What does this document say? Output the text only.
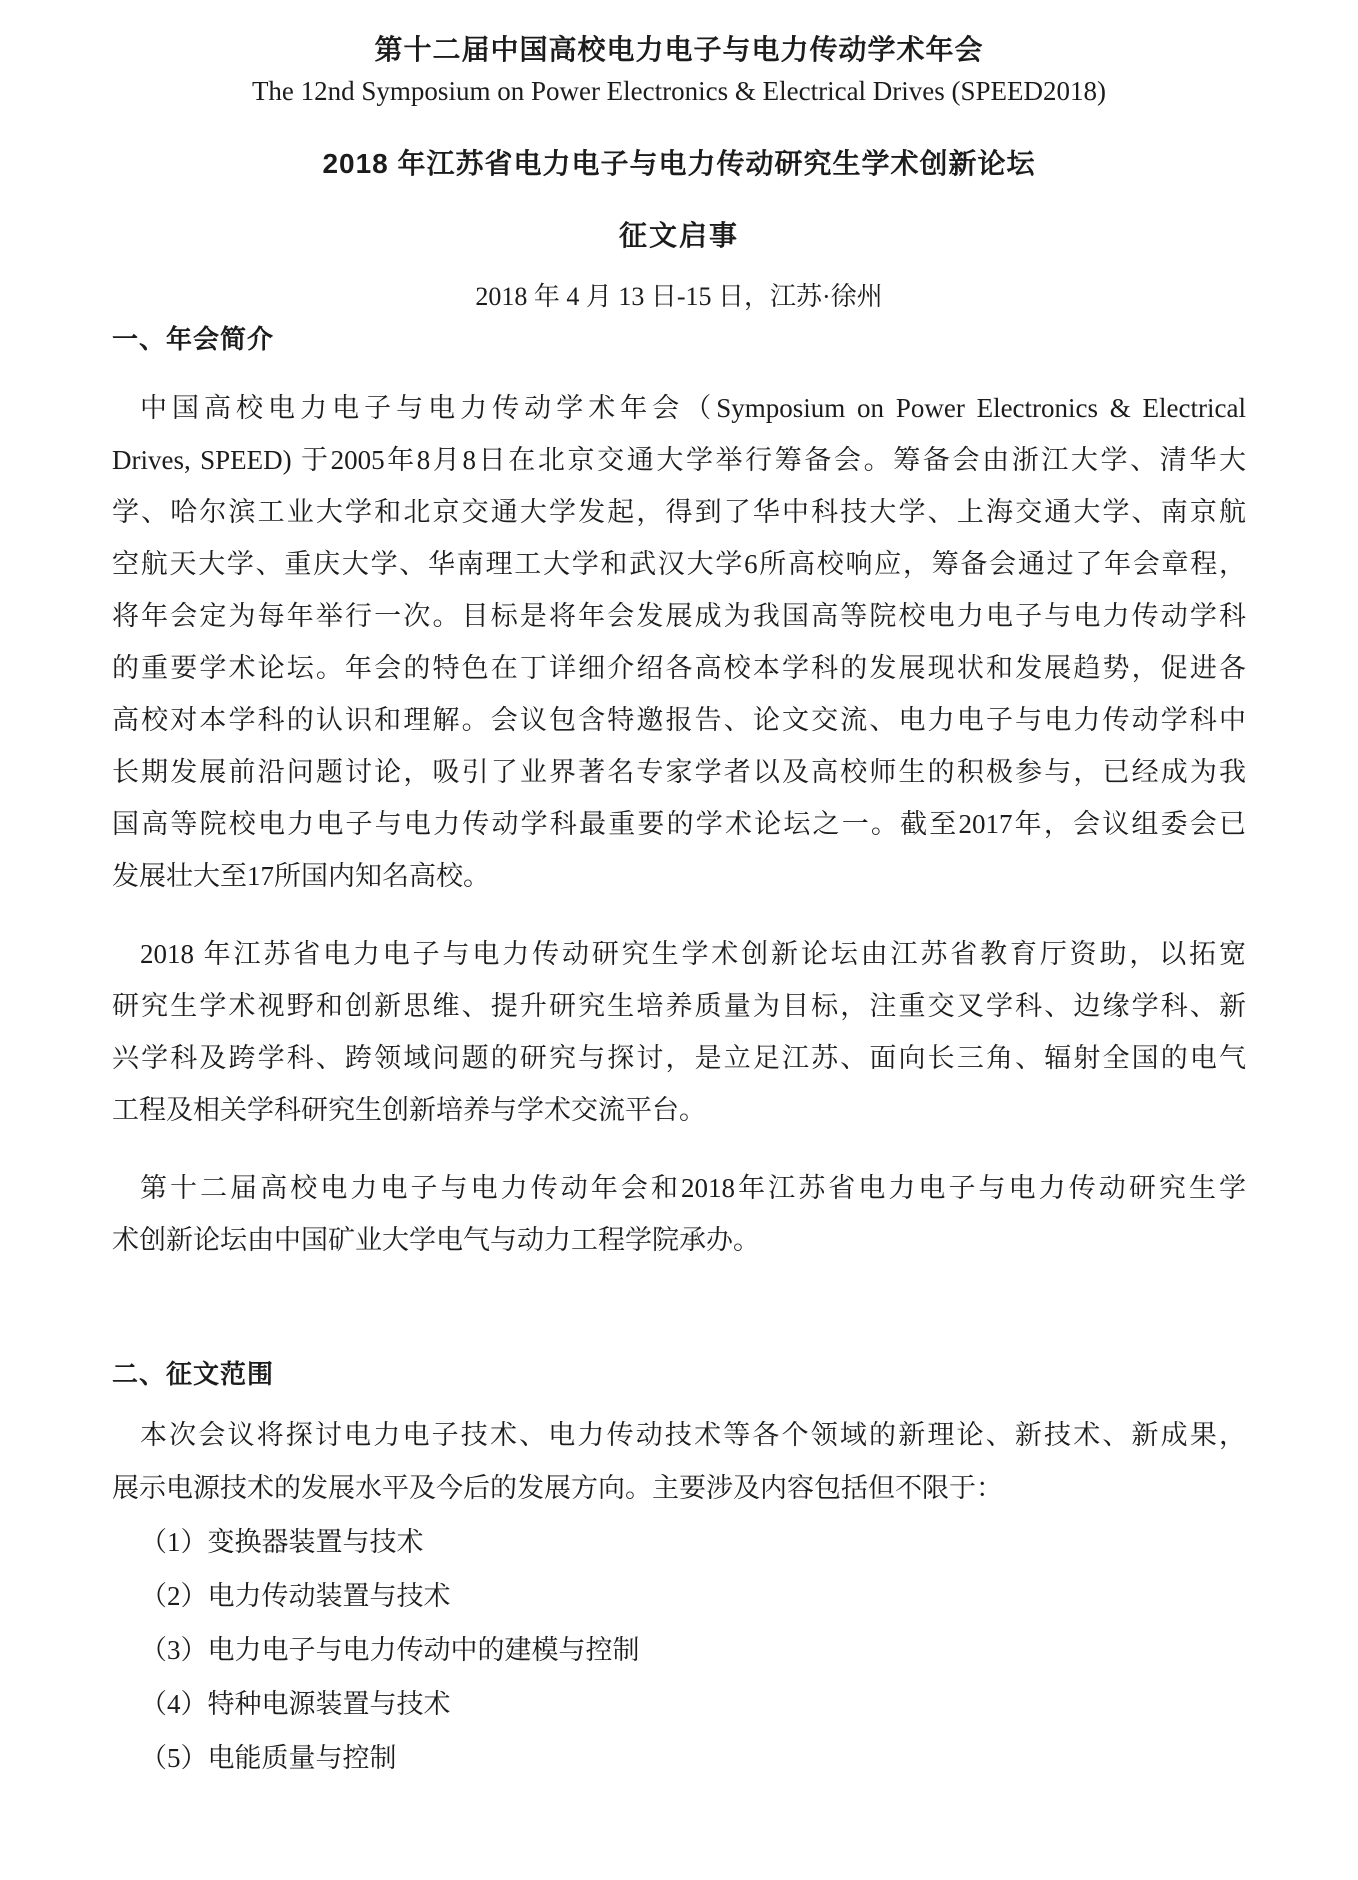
第十二届中国高校电力电子与电力传动学术年会
The 12nd Symposium on Power Electronics & Electrical Drives (SPEED2018)
2018 年江苏省电力电子与电力传动研究生学术创新论坛
征文启事
2018 年 4 月 13 日-15 日，江苏·徐州
一、年会简介
中国高校电力电子与电力传动学术年会（Symposium on Power Electronics & Electrical
Drives, SPEED) 于2005年8月8日在北京交通大学举行筹备会。筹备会由浙江大学、清华大
学、哈尔滨工业大学和北京交通大学发起，得到了华中科技大学、上海交通大学、南京航
空航天大学、重庆大学、华南理工大学和武汉大学6所高校响应，筹备会通过了年会章程，
将年会定为每年举行一次。目标是将年会发展成为我国高等院校电力电子与电力传动学科
的重要学术论坛。年会的特色在丁详细介绍各高校本学科的发展现状和发展趋势，促进各
高校对本学科的认识和理解。会议包含特邀报告、论文交流、电力电子与电力传动学科中
长期发展前沿问题讨论，吸引了业界著名专家学者以及高校师生的积极参与，已经成为我
国高等院校电力电子与电力传动学科最重要的学术论坛之一。截至2017年，会议组委会已
发展壮大至17所国内知名高校。
2018 年江苏省电力电子与电力传动研究生学术创新论坛由江苏省教育厅资助，以拓宽
研究生学术视野和创新思维、提升研究生培养质量为目标，注重交叉学科、边缘学科、新
兴学科及跨学科、跨领域问题的研究与探讨，是立足江苏、面向长三角、辐射全国的电气
工程及相关学科研究生创新培养与学术交流平台。
第十二届高校电力电子与电力传动年会和2018年江苏省电力电子与电力传动研究生学
术创新论坛由中国矿业大学电气与动力工程学院承办。
二、征文范围
本次会议将探讨电力电子技术、电力传动技术等各个领域的新理论、新技术、新成果，
展示电源技术的发展水平及今后的发展方向。主要涉及内容包括但不限于：
（1）变换器装置与技术
（2）电力传动装置与技术
（3）电力电子与电力传动中的建模与控制
（4）特种电源装置与技术
（5）电能质量与控制
